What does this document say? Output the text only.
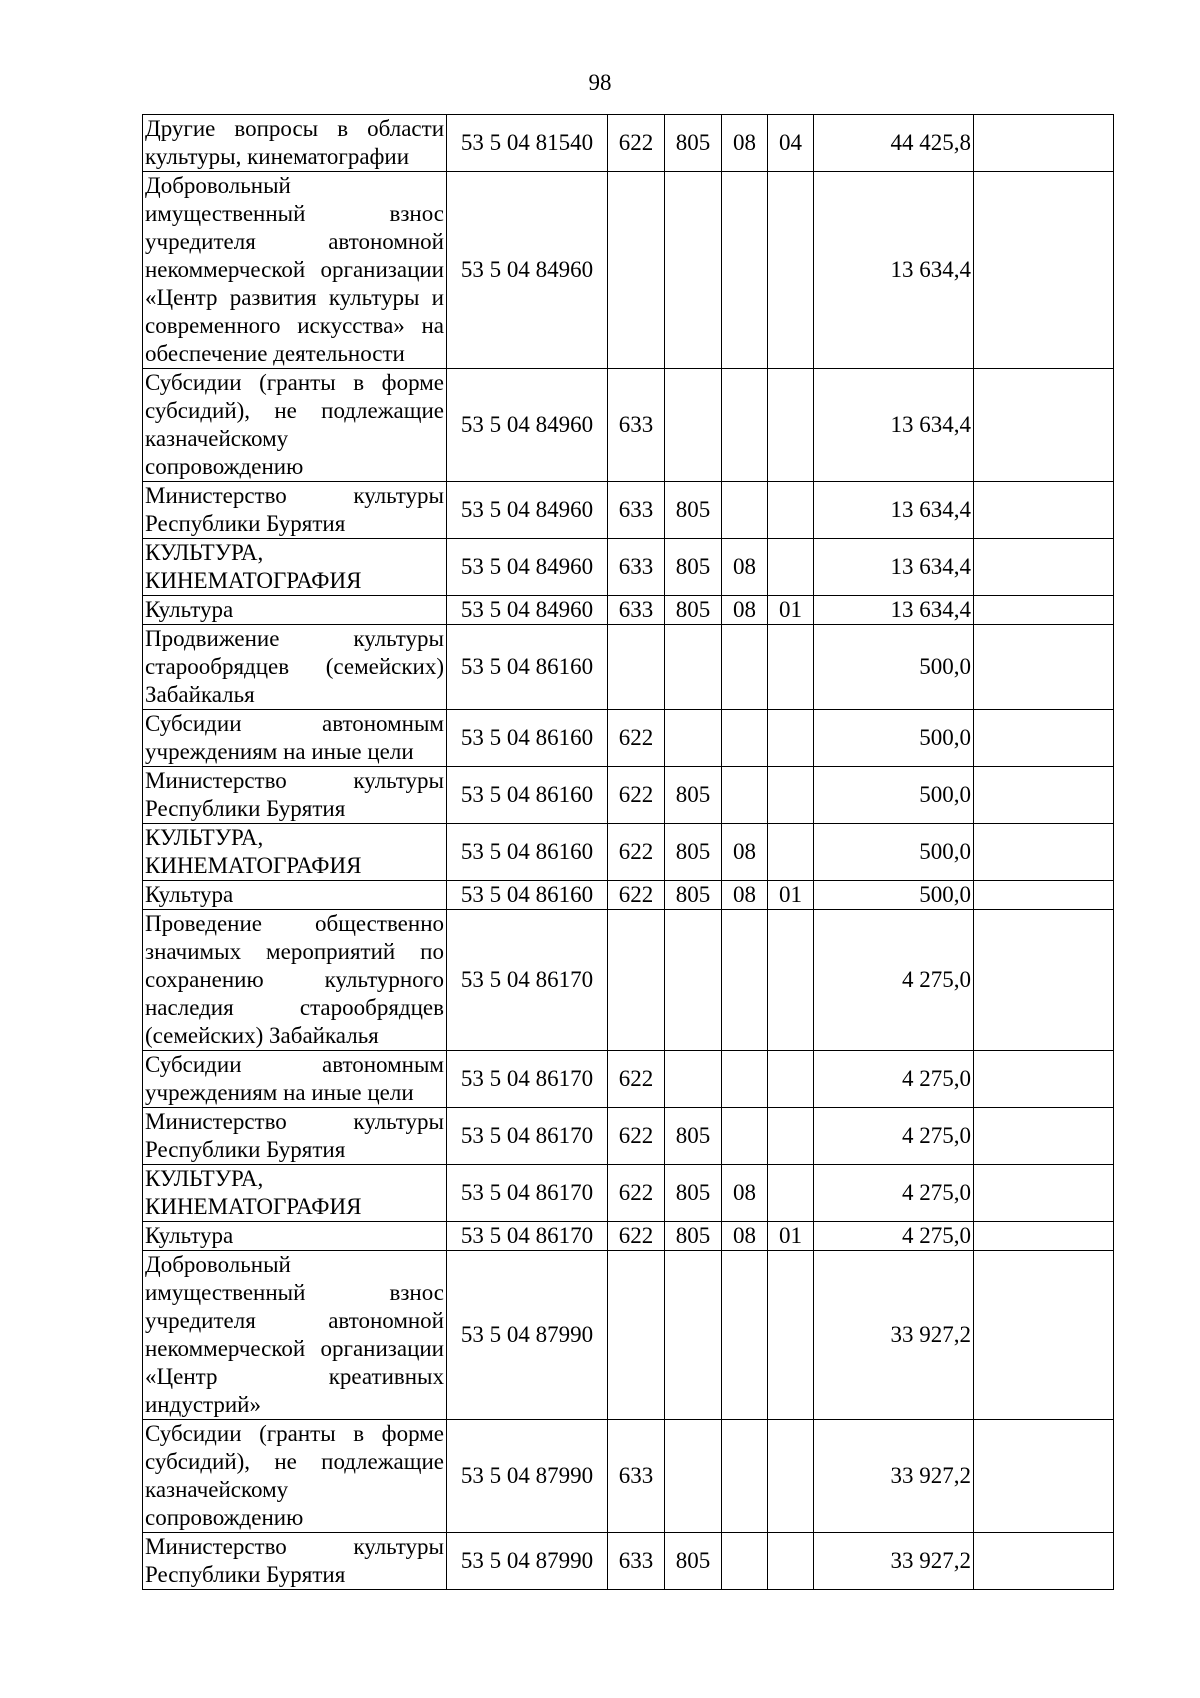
98
Другие вопросы в области культуры, кинематографии	53 5 04 81540	622	805	08	04	44 425,8	
Добровольный имущественный взнос учредителя автономной некоммерческой организации «Центр развития культуры и современного искусства» на обеспечение деятельности	53 5 04 84960					13 634,4	
Субсидии (гранты в форме субсидий), не подлежащие казначейскому сопровождению	53 5 04 84960	633				13 634,4	
Министерство культуры Республики Бурятия	53 5 04 84960	633	805			13 634,4	
КУЛЬТУРА, КИНЕМАТОГРАФИЯ	53 5 04 84960	633	805	08		13 634,4	
Культура	53 5 04 84960	633	805	08	01	13 634,4	
Продвижение культуры старообрядцев (семейских) Забайкалья	53 5 04 86160					500,0	
Субсидии автономным учреждениям на иные цели	53 5 04 86160	622				500,0	
Министерство культуры Республики Бурятия	53 5 04 86160	622	805			500,0	
КУЛЬТУРА, КИНЕМАТОГРАФИЯ	53 5 04 86160	622	805	08		500,0	
Культура	53 5 04 86160	622	805	08	01	500,0	
Проведение общественно значимых мероприятий по сохранению культурного наследия старообрядцев (семейских) Забайкалья	53 5 04 86170					4 275,0	
Субсидии автономным учреждениям на иные цели	53 5 04 86170	622				4 275,0	
Министерство культуры Республики Бурятия	53 5 04 86170	622	805			4 275,0	
КУЛЬТУРА, КИНЕМАТОГРАФИЯ	53 5 04 86170	622	805	08		4 275,0	
Культура	53 5 04 86170	622	805	08	01	4 275,0	
Добровольный имущественный взнос учредителя автономной некоммерческой организации «Центр креативных индустрий»	53 5 04 87990					33 927,2	
Субсидии (гранты в форме субсидий), не подлежащие казначейскому сопровождению	53 5 04 87990	633				33 927,2	
Министерство культуры Республики Бурятия	53 5 04 87990	633	805			33 927,2	
